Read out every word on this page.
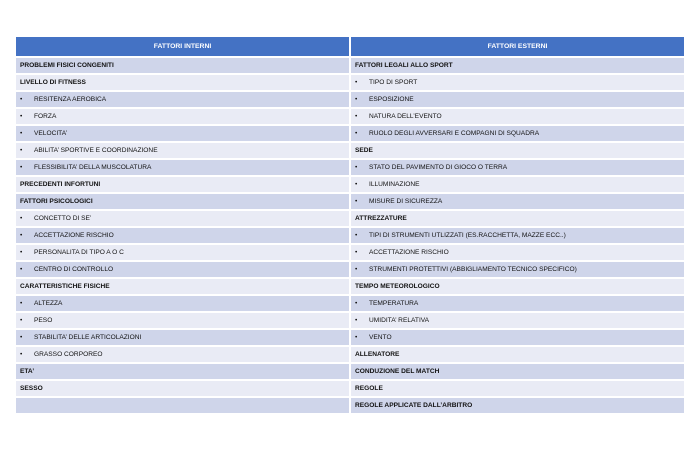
FATTORI INTERNI	FATTORI ESTERNI
PROBLEMI FISICI CONGENITI	FATTORI LEGALI ALLO SPORT
LIVELLO DI FITNESS	• TIPO DI SPORT
• RESITENZA AEROBICA	• ESPOSIZIONE
• FORZA	• NATURA DELL’EVENTO
• VELOCITA’	• RUOLO DEGLI AVVERSARI E COMPAGNI DI SQUADRA
• ABILITA’ SPORTIVE E COORDINAZIONE	SEDE
• FLESSIBILITA’ DELLA MUSCOLATURA	• STATO DEL PAVIMENTO DI GIOCO O TERRA
PRECEDENTI INFORTUNI	• ILLUMINAZIONE
FATTORI PSICOLOGICI	• MISURE DI SICUREZZA
• CONCETTO DI SE’	ATTREZZATURE
• ACCETTAZIONE RISCHIO	• TIPI DI STRUMENTI UTLIZZATI (ES.RACCHETTA, MAZZE ECC..)
• PERSONALITA DI TIPO A O C	• ACCETTAZIONE RISCHIO
• CENTRO DI CONTROLLO	• STRUMENTI PROTETTIVI (ABBIGLIAMENTO TECNICO SPECIFICO)
CARATTERISTICHE FISICHE	TEMPO METEOROLOGICO
• ALTEZZA	• TEMPERATURA
• PESO	• UMIDITA’ RELATIVA
• STABILITA’ DELLE ARTICOLAZIONI	• VENTO
• GRASSO CORPOREO	ALLENATORE
ETA’	CONDUZIONE DEL MATCH
SESSO	REGOLE
	REGOLE APPLICATE DALL’ARBITRO
